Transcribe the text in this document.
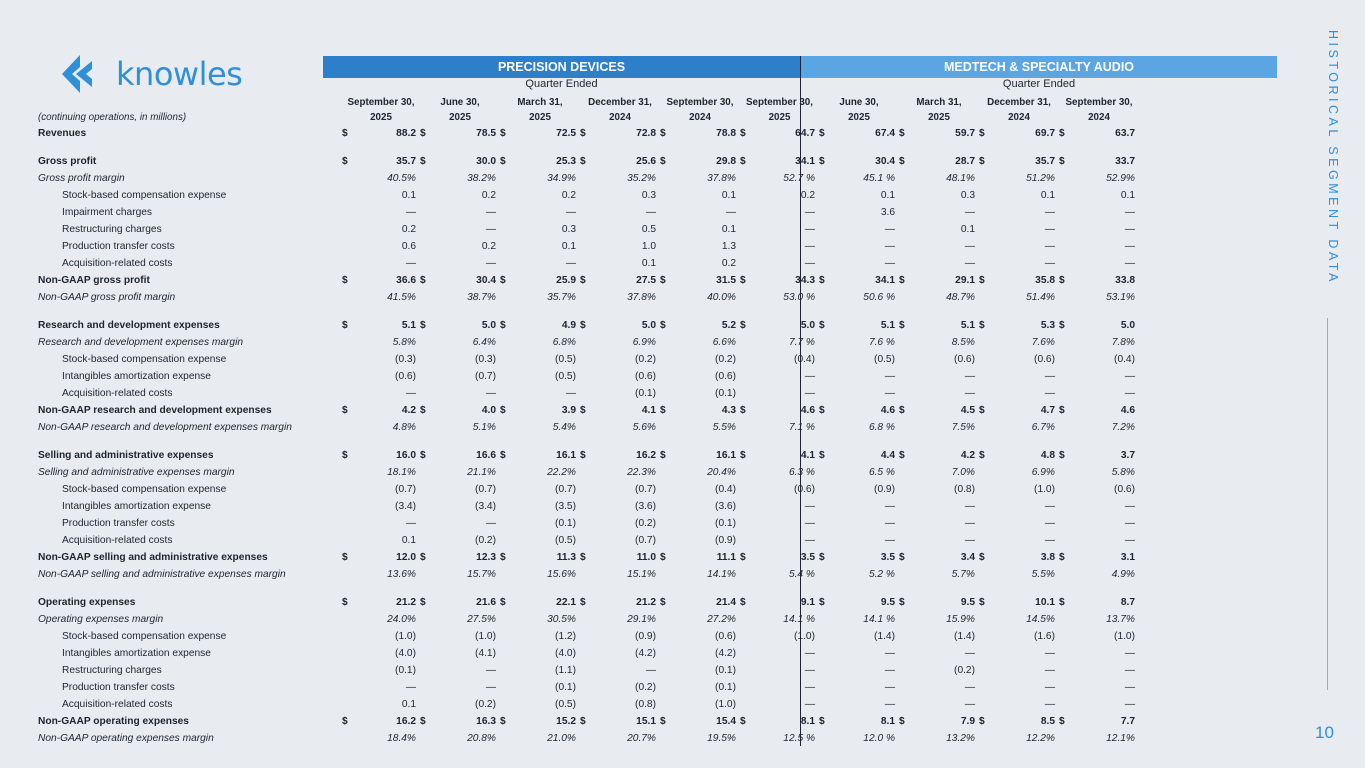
knowles	HISTORICAL SEGMENT DATA
10
PRECISION DEVICES	MEDTECH & SPECIALTY AUDIO
Quarter Ended	Quarter Ended
	September 30,		June 30,		March 31,		December 31,		September 30,		September 30,		June 30,		March 31,		December 31,		September 30,	
(continuing operations, in millions)	2025		2025		2025		2024		2024		2025		2025		2025		2024		2024	
Revenues	$	88.2	$	78.5	$	72.5	$	72.8	$	78.8	$	64.7	$	67.4	$	59.7	$	69.7	$	63.7

Gross profit	$	35.7	$	30.0	$	25.3	$	25.6	$	29.8	$	34.1	$	30.4	$	28.7	$	35.7	$	33.7
Gross profit margin		40.5%		38.2%		34.9%		35.2%		37.8%		52.7 %		45.1 %		48.1%		51.2%		52.9%
Stock-based compensation expense		0.1		0.2		0.2		0.3		0.1		0.2		0.1		0.3		0.1		0.1
Impairment charges		—		—		—		—		—		—		3.6		—		—		—
Restructuring charges		0.2		—		0.3		0.5		0.1		—		—		0.1		—		—
Production transfer costs		0.6		0.2		0.1		1.0		1.3		—		—		—		—		—
Acquisition-related costs		—		—		—		0.1		0.2		—		—		—		—		—
Non-GAAP gross profit	$	36.6	$	30.4	$	25.9	$	27.5	$	31.5	$	34.3	$	34.1	$	29.1	$	35.8	$	33.8
Non-GAAP gross profit margin		41.5%		38.7%		35.7%		37.8%		40.0%		53.0 %		50.6 %		48.7%		51.4%		53.1%

Research and development expenses	$	5.1	$	5.0	$	4.9	$	5.0	$	5.2	$	5.0	$	5.1	$	5.1	$	5.3	$	5.0
Research and development expenses margin		5.8%		6.4%		6.8%		6.9%		6.6%		7.7 %		7.6 %		8.5%		7.6%		7.8%
Stock-based compensation expense		(0.3)		(0.3)		(0.5)		(0.2)		(0.2)		(0.4)		(0.5)		(0.6)		(0.6)		(0.4)
Intangibles amortization expense		(0.6)		(0.7)		(0.5)		(0.6)		(0.6)		—		—		—		—		—
Acquisition-related costs		—		—		—		(0.1)		(0.1)		—		—		—		—		—
Non-GAAP research and development expenses	$	4.2	$	4.0	$	3.9	$	4.1	$	4.3	$	4.6	$	4.6	$	4.5	$	4.7	$	4.6
Non-GAAP research and development expenses margin		4.8%		5.1%		5.4%		5.6%		5.5%		7.1 %		6.8 %		7.5%		6.7%		7.2%

Selling and administrative expenses	$	16.0	$	16.6	$	16.1	$	16.2	$	16.1	$	4.1	$	4.4	$	4.2	$	4.8	$	3.7
Selling and administrative expenses margin		18.1%		21.1%		22.2%		22.3%		20.4%		6.3 %		6.5 %		7.0%		6.9%		5.8%
Stock-based compensation expense		(0.7)		(0.7)		(0.7)		(0.7)		(0.4)		(0.6)		(0.9)		(0.8)		(1.0)		(0.6)
Intangibles amortization expense		(3.4)		(3.4)		(3.5)		(3.6)		(3.6)		—		—		—		—		—
Production transfer costs		—		—		(0.1)		(0.2)		(0.1)		—		—		—		—		—
Acquisition-related costs		0.1		(0.2)		(0.5)		(0.7)		(0.9)		—		—		—		—		—
Non-GAAP selling and administrative expenses	$	12.0	$	12.3	$	11.3	$	11.0	$	11.1	$	3.5	$	3.5	$	3.4	$	3.8	$	3.1
Non-GAAP selling and administrative expenses margin		13.6%		15.7%		15.6%		15.1%		14.1%		5.4 %		5.2 %		5.7%		5.5%		4.9%

Operating expenses	$	21.2	$	21.6	$	22.1	$	21.2	$	21.4	$	9.1	$	9.5	$	9.5	$	10.1	$	8.7
Operating expenses margin		24.0%		27.5%		30.5%		29.1%		27.2%		14.1 %		14.1 %		15.9%		14.5%		13.7%
Stock-based compensation expense		(1.0)		(1.0)		(1.2)		(0.9)		(0.6)		(1.0)		(1.4)		(1.4)		(1.6)		(1.0)
Intangibles amortization expense		(4.0)		(4.1)		(4.0)		(4.2)		(4.2)		—		—		—		—		—
Restructuring charges		(0.1)		—		(1.1)		—		(0.1)		—		—		(0.2)		—		—
Production transfer costs		—		—		(0.1)		(0.2)		(0.1)		—		—		—		—		—
Acquisition-related costs		0.1		(0.2)		(0.5)		(0.8)		(1.0)		—		—		—		—		—
Non-GAAP operating expenses	$	16.2	$	16.3	$	15.2	$	15.1	$	15.4	$	8.1	$	8.1	$	7.9	$	8.5	$	7.7
Non-GAAP operating expenses margin		18.4%		20.8%		21.0%		20.7%		19.5%		12.5 %		12.0 %		13.2%		12.2%		12.1%
